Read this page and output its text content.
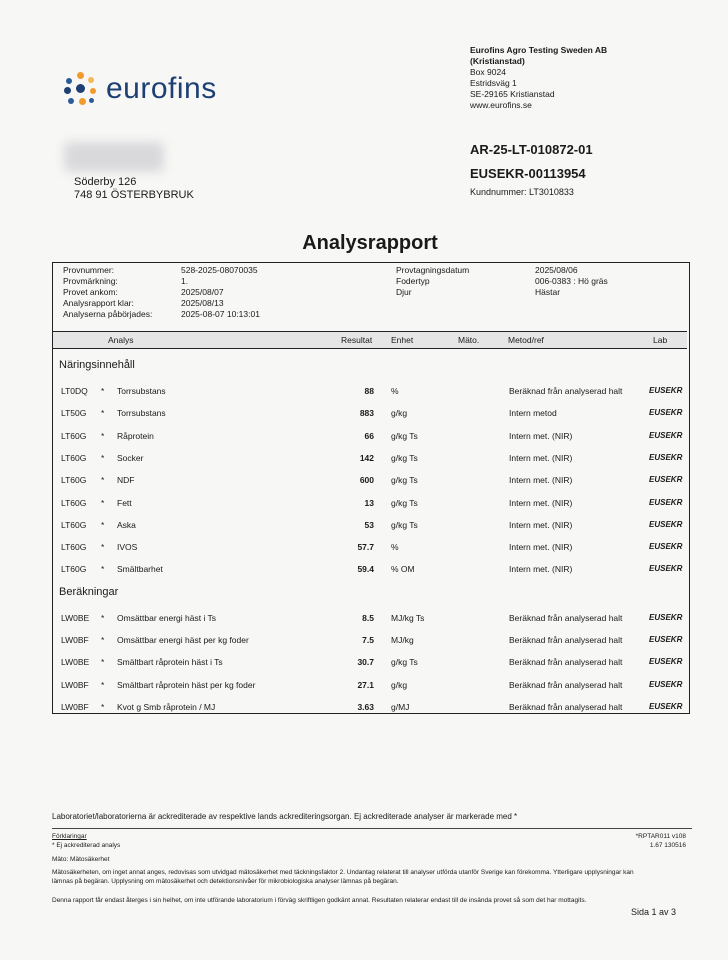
eurofins
Eurofins Agro Testing Sweden AB
(Kristianstad)
Box 9024
Estridsväg 1
SE-29165 Kristianstad
www.eurofins.se
AR-25-LT-010872-01
EUSEKR-00113954
Kundnummer: LT3010833
Söderby 126
748 91 ÖSTERBYBRUK
Analysrapport
Provnummer:	528-2025-08070035
Provmärkning:	1.
Provet ankom:	2025/08/07
Analysrapport klar:	2025/08/13
Analyserna påbörjades:	2025-08-07 10:13:01
Provtagningsdatum	2025/08/06
Fodertyp	006-0383 : Hö gräs
Djur	Hästar
Analys	Resultat Enhet	Mäto.	Metod/ref	Lab
Näringsinnehåll
LT0DQ * Torrsubstans	88 %	Beräknad från analyserad halt	EUSEKR
LT50G * Torrsubstans	883 g/kg	Intern metod	EUSEKR
LT60G * Råprotein	66 g/kg Ts	Intern met. (NIR)	EUSEKR
LT60G * Socker	142 g/kg Ts	Intern met. (NIR)	EUSEKR
LT60G * NDF	600 g/kg Ts	Intern met. (NIR)	EUSEKR
LT60G * Fett	13 g/kg Ts	Intern met. (NIR)	EUSEKR
LT60G * Aska	53 g/kg Ts	Intern met. (NIR)	EUSEKR
LT60G * IVOS	57.7 %	Intern met. (NIR)	EUSEKR
LT60G * Smältbarhet	59.4 % OM	Intern met. (NIR)	EUSEKR
Beräkningar
LW0BE * Omsättbar energi häst i Ts	8.5 MJ/kg Ts	Beräknad från analyserad halt	EUSEKR
LW0BF * Omsättbar energi häst per kg foder	7.5 MJ/kg	Beräknad från analyserad halt	EUSEKR
LW0BE * Smältbart råprotein häst i Ts	30.7 g/kg Ts	Beräknad från analyserad halt	EUSEKR
LW0BF * Smältbart råprotein häst per kg foder	27.1 g/kg	Beräknad från analyserad halt	EUSEKR
LW0BF * Kvot g Smb råprotein / MJ	3.63 g/MJ	Beräknad från analyserad halt	EUSEKR
Laboratoriet/laboratorierna är ackrediterade av respektive lands ackrediteringsorgan. Ej ackrediterade analyser är markerade med *
Förklaringar
* Ej ackrediterad analys
*RPTAR011 v108
1.67 130516
Mäto: Mätosäkerhet
Mätosäkerheten, om inget annat anges, redovisas som utvidgad mätosäkerhet med täckningsfaktor 2. Undantag relaterat till analyser utförda utanför Sverige kan förekomma. Ytterligare upplysningar kan lämnas på begäran. Upplysning om mätosäkerhet och detektionsnivåer för mikrobiologiska analyser lämnas på begäran.
Denna rapport får endast återges i sin helhet, om inte utförande laboratorium i förväg skriftligen godkänt annat. Resultaten relaterar endast till de insända provet så som det har mottagits.
Sida 1 av 3
